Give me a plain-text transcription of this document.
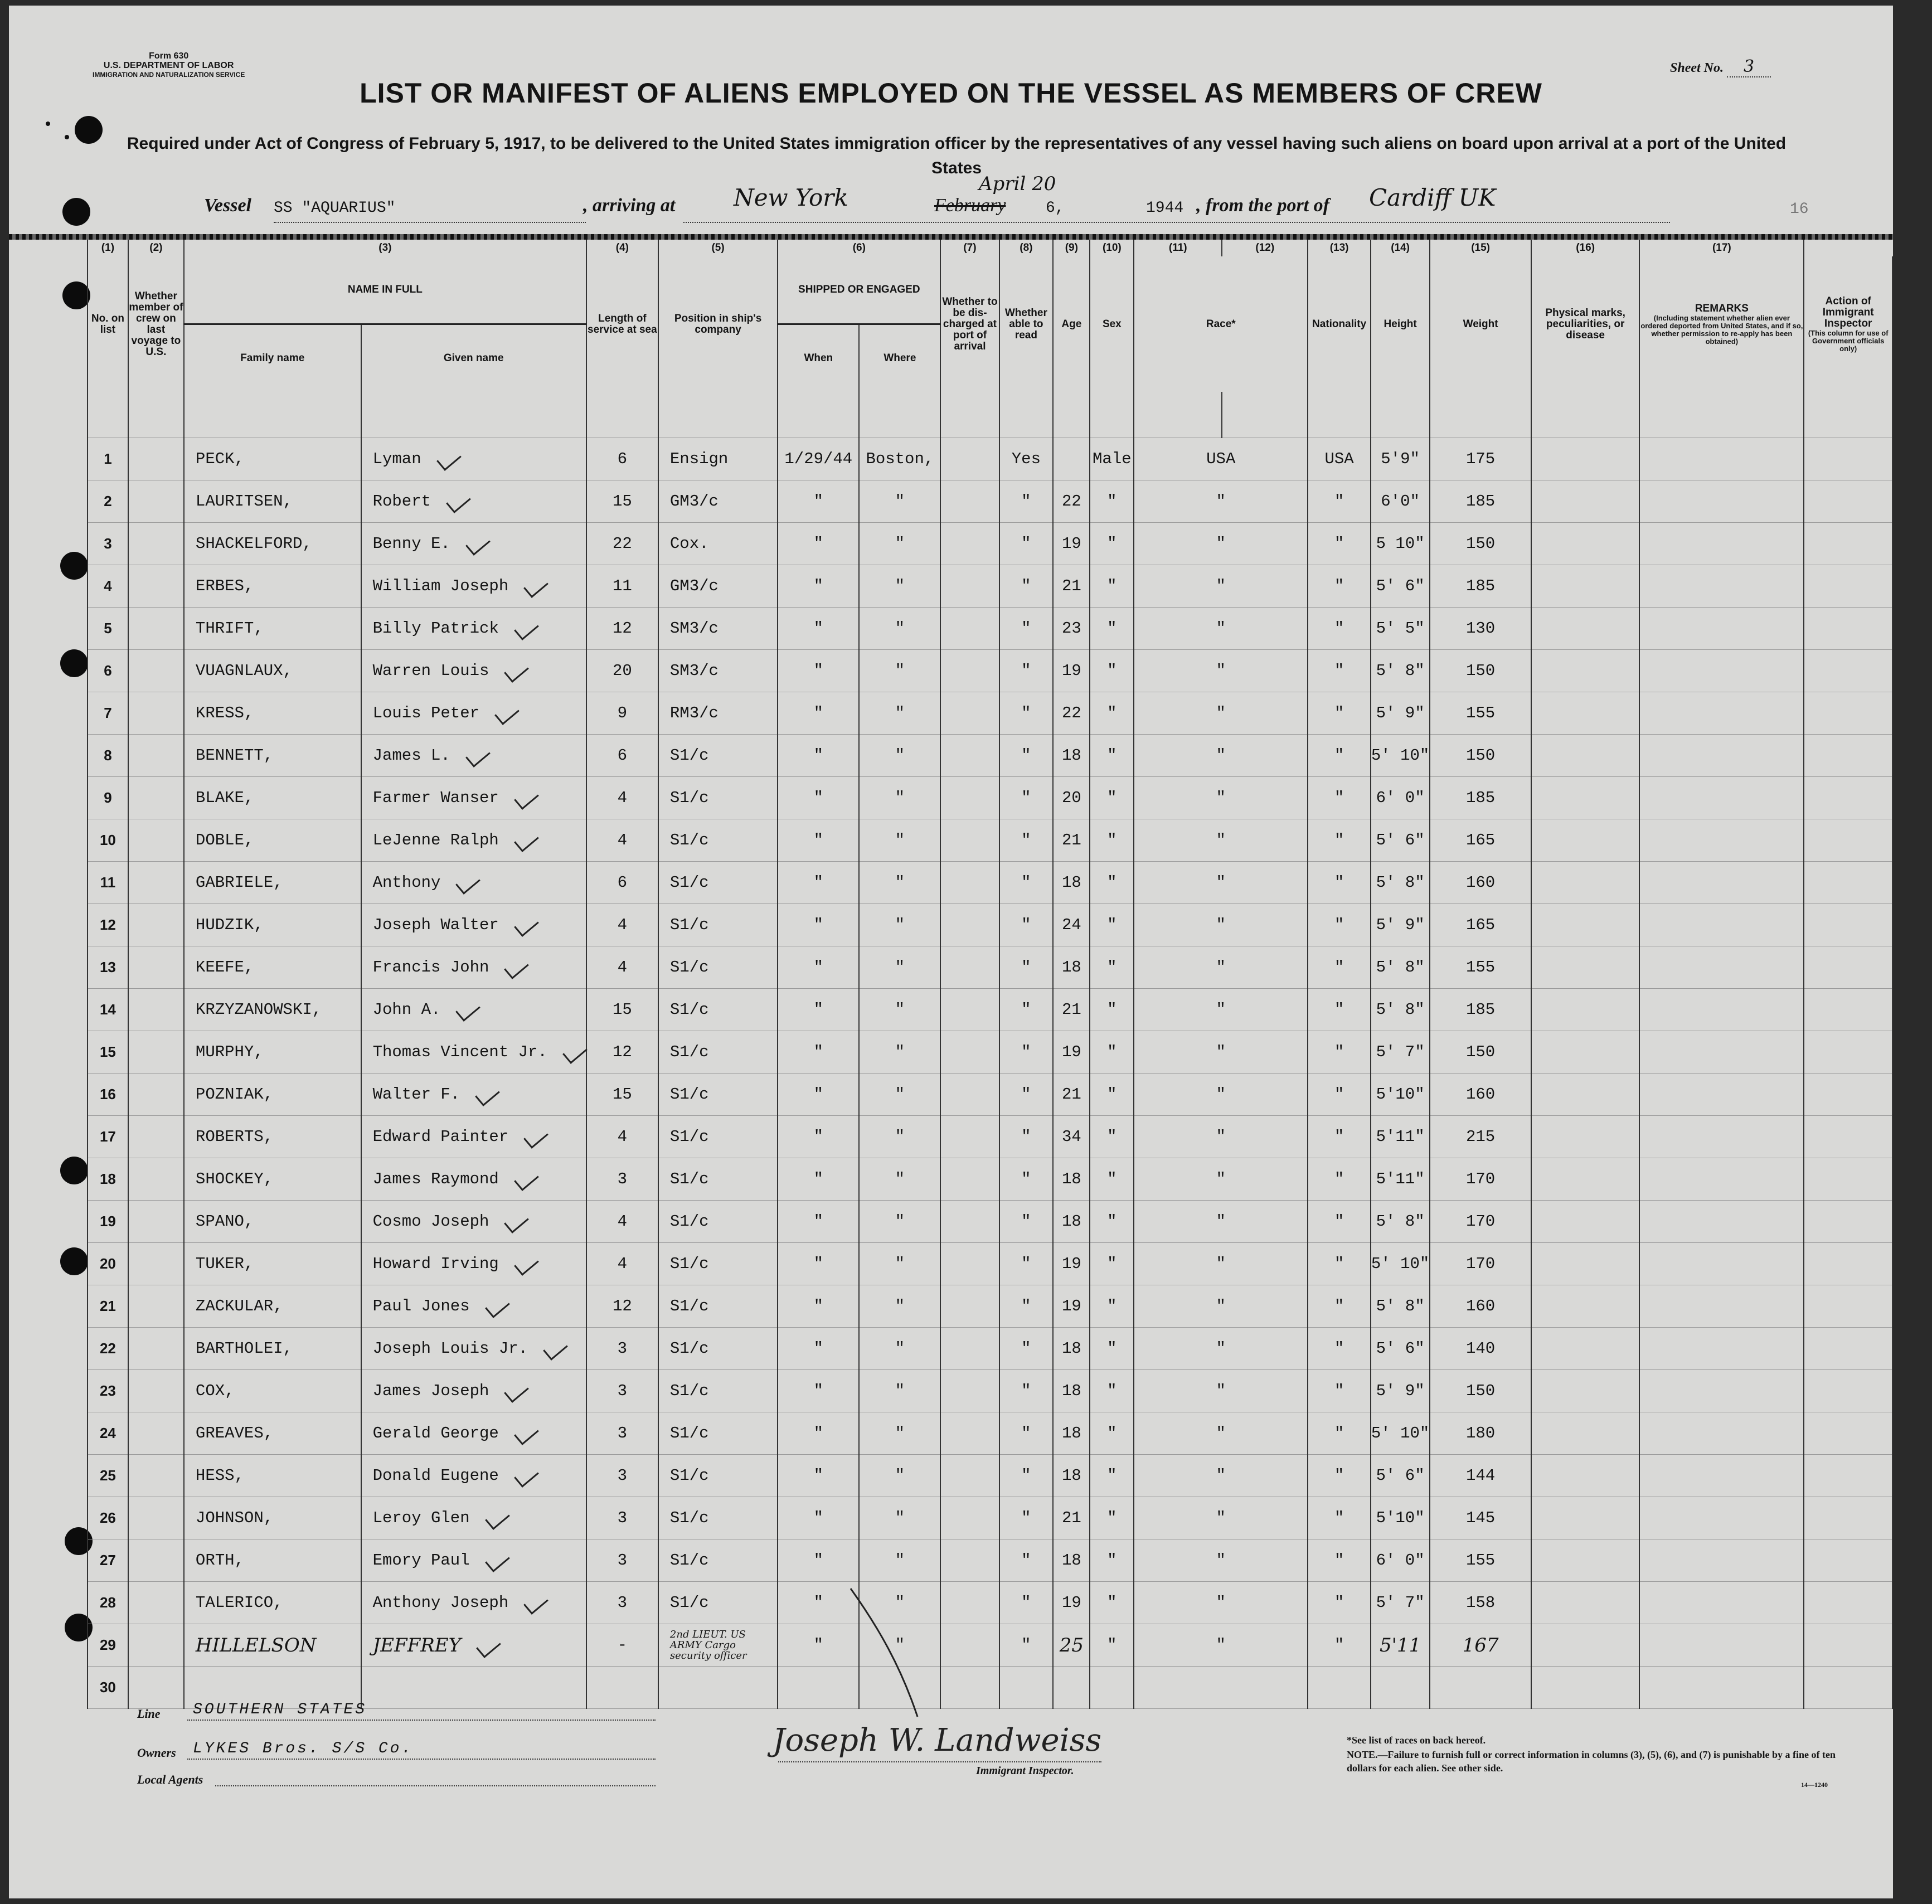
Form 630
U.S. DEPARTMENT OF LABOR
IMMIGRATION AND NATURALIZATION SERVICE	Sheet No. 3
LIST OR MANIFEST OF ALIENS EMPLOYED ON THE VESSEL AS MEMBERS OF CREW
Required under Act of Congress of February 5, 1917, to be delivered to the United States immigration officer by the representatives of any vessel having such aliens on board upon arrival at a port of the United States
Vessel SS "AQUARIUS"	, arriving at New York	February
April 20
6,	1944 , from the port of Cardiff UK	16
(1)	(2)	(3)		(4)	(5)	(6)		(7)	(8)	(9)	(10)	(11)	(12)	(13)	(14)	(15)	(16)	(17)	
No. on list	Whether member of crew on last voyage to U.S.	NAME IN FULL		Length of service at sea	Position in ship's company	SHIPPED OR ENGAGED		Whether to be dis-charged at port of arrival	Whether able to read	Age	Sex	Race*		Nationality	Height	Weight	Physical marks, peculiarities, or disease	REMARKS

(Including statement whether alien ever ordered deported from United States, and if so, whether permission to re-apply has been obtained)	Action of Immigrant Inspector

(This column for use of Government officials only)

		Family name	Given name			When	Where												

1		PECK,	Lyman	6	Ensign	1/29/44	Boston,		Yes		Male	USA		USA	5'9"	175			
2		LAURITSEN,	Robert	15	GM3/c	"	"		"	22	"	"		"	6'0"	185			
3		SHACKELFORD,	Benny E.	22	Cox.	"	"		"	19	"	"		"	5 10"	150			
4		ERBES,	William Joseph	11	GM3/c	"	"		"	21	"	"		"	5' 6"	185			
5		THRIFT,	Billy Patrick	12	SM3/c	"	"		"	23	"	"		"	5' 5"	130			
6		VUAGNLAUX,	Warren Louis	20	SM3/c	"	"		"	19	"	"		"	5' 8"	150			
7		KRESS,	Louis Peter	9	RM3/c	"	"		"	22	"	"		"	5' 9"	155			
8		BENNETT,	James L.	6	S1/c	"	"		"	18	"	"		"	5' 10"	150			
9		BLAKE,	Farmer Wanser	4	S1/c	"	"		"	20	"	"		"	6' 0"	185			
10		DOBLE,	LeJenne Ralph	4	S1/c	"	"		"	21	"	"		"	5' 6"	165			
11		GABRIELE,	Anthony	6	S1/c	"	"		"	18	"	"		"	5' 8"	160			
12		HUDZIK,	Joseph Walter	4	S1/c	"	"		"	24	"	"		"	5' 9"	165			
13		KEEFE,	Francis John	4	S1/c	"	"		"	18	"	"		"	5' 8"	155			
14		KRZYZANOWSKI,	John A.	15	S1/c	"	"		"	21	"	"		"	5' 8"	185			
15		MURPHY,	Thomas Vincent Jr.	12	S1/c	"	"		"	19	"	"		"	5' 7"	150			
16		POZNIAK,	Walter F.	15	S1/c	"	"		"	21	"	"		"	5'10"	160			
17		ROBERTS,	Edward Painter	4	S1/c	"	"		"	34	"	"		"	5'11"	215			
18		SHOCKEY,	James Raymond	3	S1/c	"	"		"	18	"	"		"	5'11"	170			
19		SPANO,	Cosmo Joseph	4	S1/c	"	"		"	18	"	"		"	5' 8"	170			
20		TUKER,	Howard Irving	4	S1/c	"	"		"	19	"	"		"	5' 10"	170			
21		ZACKULAR,	Paul Jones	12	S1/c	"	"		"	19	"	"		"	5' 8"	160			
22		BARTHOLEI,	Joseph Louis Jr.	3	S1/c	"	"		"	18	"	"		"	5' 6"	140			
23		COX,	James Joseph	3	S1/c	"	"		"	18	"	"		"	5' 9"	150			
24		GREAVES,	Gerald George	3	S1/c	"	"		"	18	"	"		"	5' 10"	180			
25		HESS,	Donald Eugene	3	S1/c	"	"		"	18	"	"		"	5' 6"	144			
26		JOHNSON,	Leroy Glen	3	S1/c	"	"		"	21	"	"		"	5'10"	145			
27		ORTH,	Emory Paul	3	S1/c	"	"		"	18	"	"		"	6' 0"	155			
28		TALERICO,	Anthony Joseph	3	S1/c	"	"		"	19	"	"		"	5' 7"	158			
29		HILLELSON	JEFFREY	-	2nd LIEUT. US ARMY Cargo security officer	"	"		"	25	"	"		"	5'11	167			
30																			
Line SOUTHERN STATES
Owners LYKES Bros. S/S Co.
Local Agents
Joseph W. Landweiss
Immigrant Inspector.
*See list of races on back hereof.
NOTE.—Failure to furnish full or correct information in columns (3), (5), (6), and (7) is punishable by a fine of ten dollars for each alien. See other side.
14—1240
